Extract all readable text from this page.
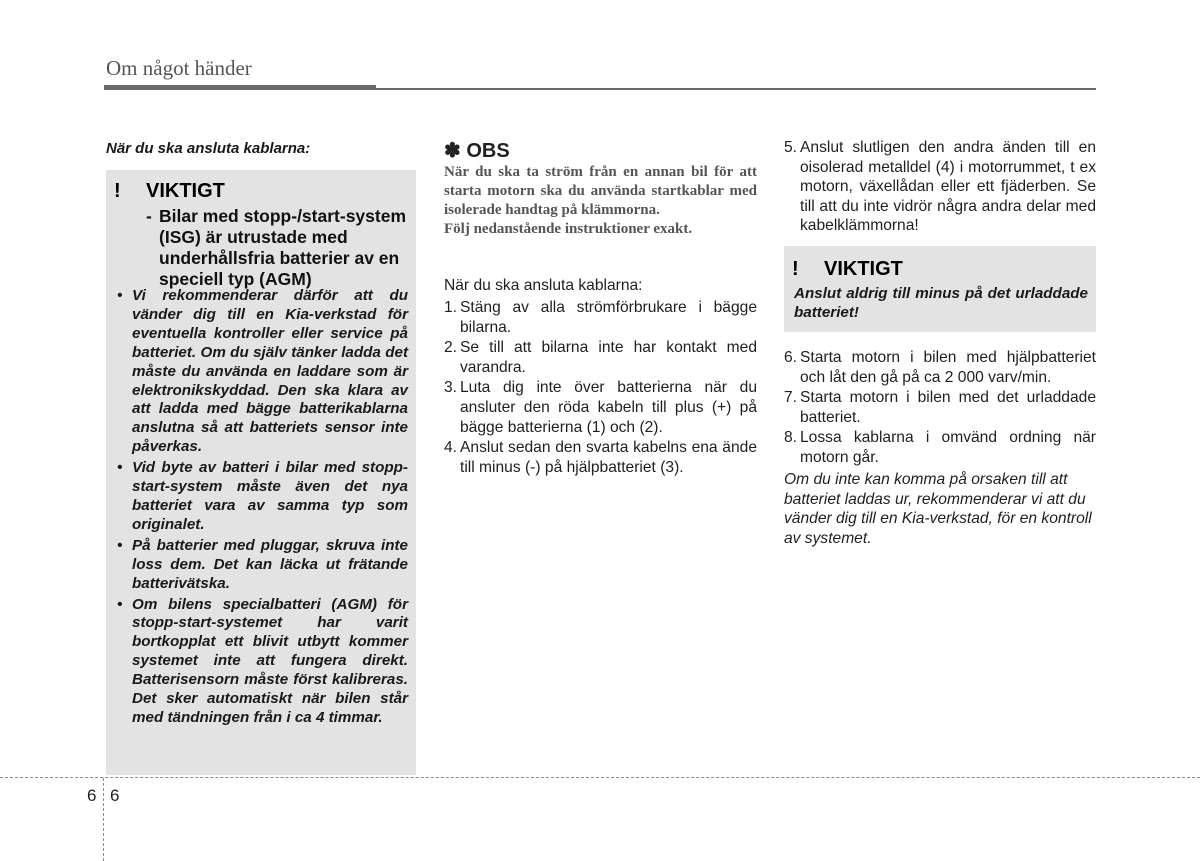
Om något händer
När du ska ansluta kablarna:
!	VIKTIGT
- Bilar med stopp-/start-system (ISG) är utrustade med underhållsfria batterier av en speciell typ (AGM)
• Vi rekommenderar därför att du vänder dig till en Kia-verkstad för eventuella kontroller eller service på batteriet. Om du själv tänker ladda det måste du använda en laddare som är elektronikskyddad. Den ska klara av att ladda med bägge batterikablarna anslutna så att batteriets sensor inte påverkas.
• Vid byte av batteri i bilar med stopp-start-system måste även det nya batteriet vara av samma typ som originalet.
• På batterier med pluggar, skruva inte loss dem. Det kan läcka ut frätande batterivätska.
• Om bilens specialbatteri (AGM) för stopp-start-systemet har varit bortkopplat ett blivit utbytt kommer systemet inte att fungera direkt. Batterisensorn måste först kalibreras. Det sker automatiskt när bilen står med tändningen från i ca 4 timmar.
✽ OBS

När du ska ta ström från en annan bil för att starta motorn ska du använda startkablar med isolerade handtag på klämmorna.

Följ nedanstående instruktioner exakt.

När du ska ansluta kablarna:
1. Stäng av alla strömförbrukare i bägge bilarna.
2. Se till att bilarna inte har kontakt med varandra.
3. Luta dig inte över batterierna när du ansluter den röda kabeln till plus (+) på bägge batterierna (1) och (2).
4. Anslut sedan den svarta kabelns ena ände till minus (-) på hjälpbatteriet (3).
5. Anslut slutligen den andra änden till en oisolerad metalldel (4) i motorrummet, t ex motorn, växellådan eller ett fjäderben. Se till att du inte vidrör några andra delar med kabelklämmorna!
!	VIKTIGT
Anslut aldrig till minus på det urladdade batteriet!
6. Starta motorn i bilen med hjälpbatteriet och låt den gå på ca 2 000 varv/min.
7. Starta motorn i bilen med det urladdade batteriet.
8. Lossa kablarna i omvänd ordning när motorn går.
Om du inte kan komma på orsaken till att batteriet laddas ur, rekommenderar vi att du vänder dig till en Kia-verkstad, för en kontroll av systemet.
6 6
